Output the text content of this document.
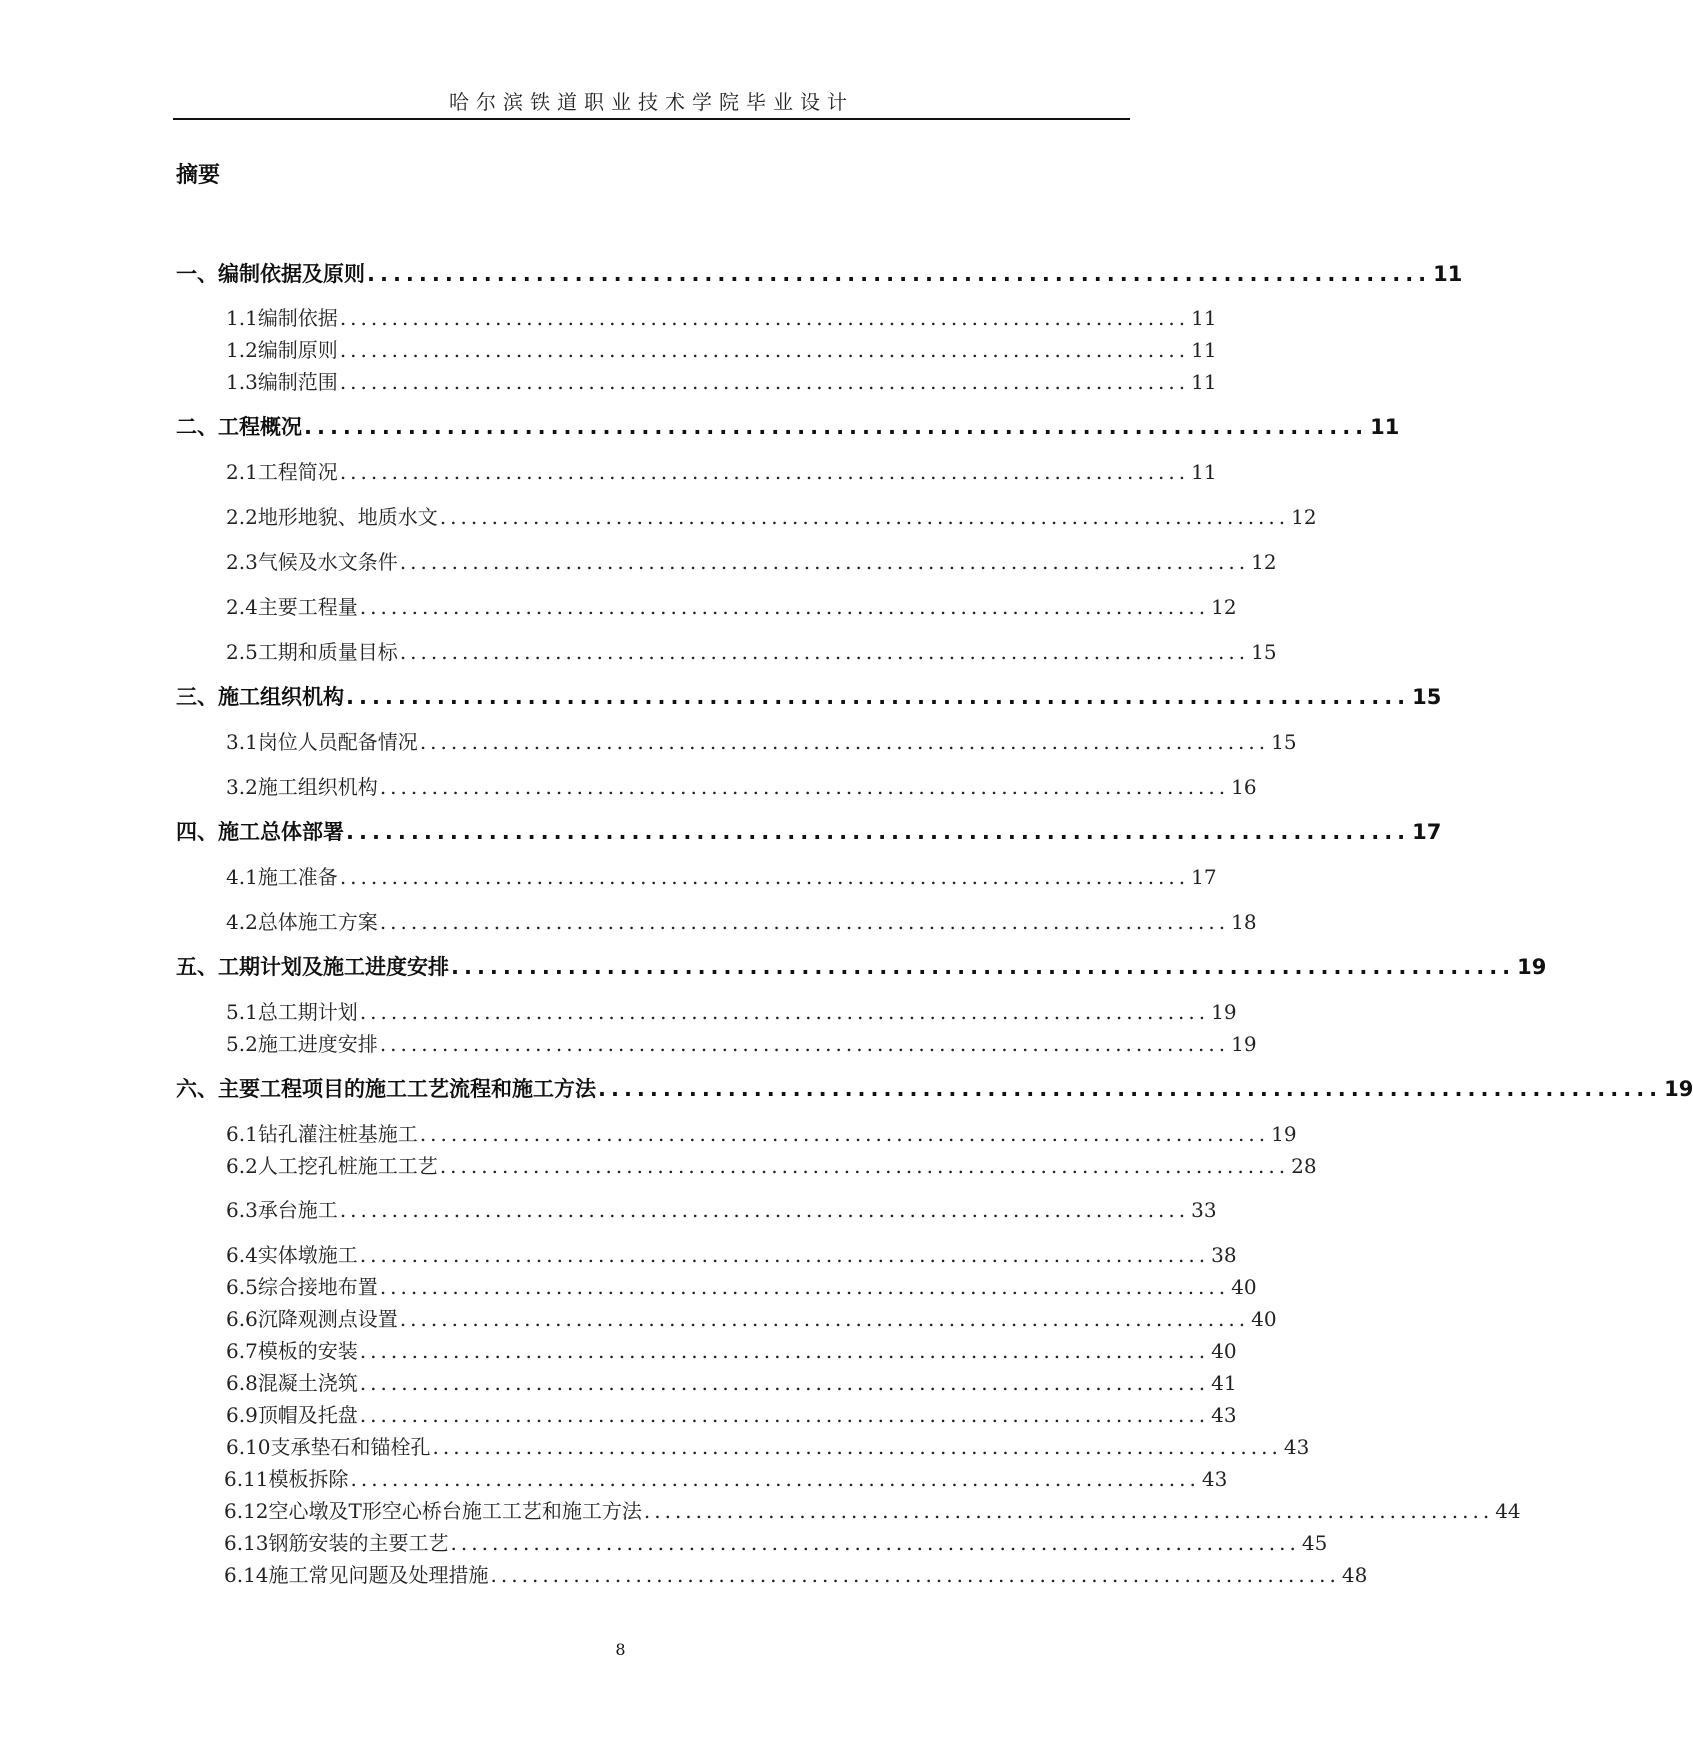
哈尔滨铁道职业技术学院毕业设计
摘要
一、 编制依据及原则 .................................................................................. 11
1.1 编制依据 .................................................................................. 11
1.2 编制原则 .................................................................................. 11
1.3 编制范围 .................................................................................. 11
二、 工程概况 .................................................................................. 11
2.1 工程简况 .................................................................................. 11
2.2 地形地貌、地质水文 .................................................................................. 12
2.3 气候及水文条件 .................................................................................. 12
2.4 主要工程量 .................................................................................. 12
2.5 工期和质量目标 .................................................................................. 15
三、 施工组织机构 .................................................................................. 15
3.1 岗位人员配备情况 .................................................................................. 15
3.2 施工组织机构 .................................................................................. 16
四、 施工总体部署 .................................................................................. 17
4.1 施工准备 .................................................................................. 17
4.2 总体施工方案 .................................................................................. 18
五、 工期计划及施工进度安排 .................................................................................. 19
5.1 总工期计划 .................................................................................. 19
5.2 施工进度安排 .................................................................................. 19
六、 主要工程项目的施工工艺流程和施工方法 .................................................................................. 19
6.1 钻孔灌注桩基施工 .................................................................................. 19
6.2 人工挖孔桩施工工艺 .................................................................................. 28
6.3 承台施工 .................................................................................. 33
6.4 实体墩施工 .................................................................................. 38
6.5 综合接地布置 .................................................................................. 40
6.6 沉降观测点设置 .................................................................................. 40
6.7 模板的安装 .................................................................................. 40
6.8 混凝土浇筑 .................................................................................. 41
6.9 顶帽及托盘 .................................................................................. 43
6.10 支承垫石和锚栓孔 .................................................................................. 43
6.11 模板拆除 .................................................................................. 43
6.12 空心墩及T形空心桥台施工工艺和施工方法 .................................................................................. 44
6.13 钢筋安装的主要工艺 .................................................................................. 45
6.14 施工常见问题及处理措施 .................................................................................. 48
8
